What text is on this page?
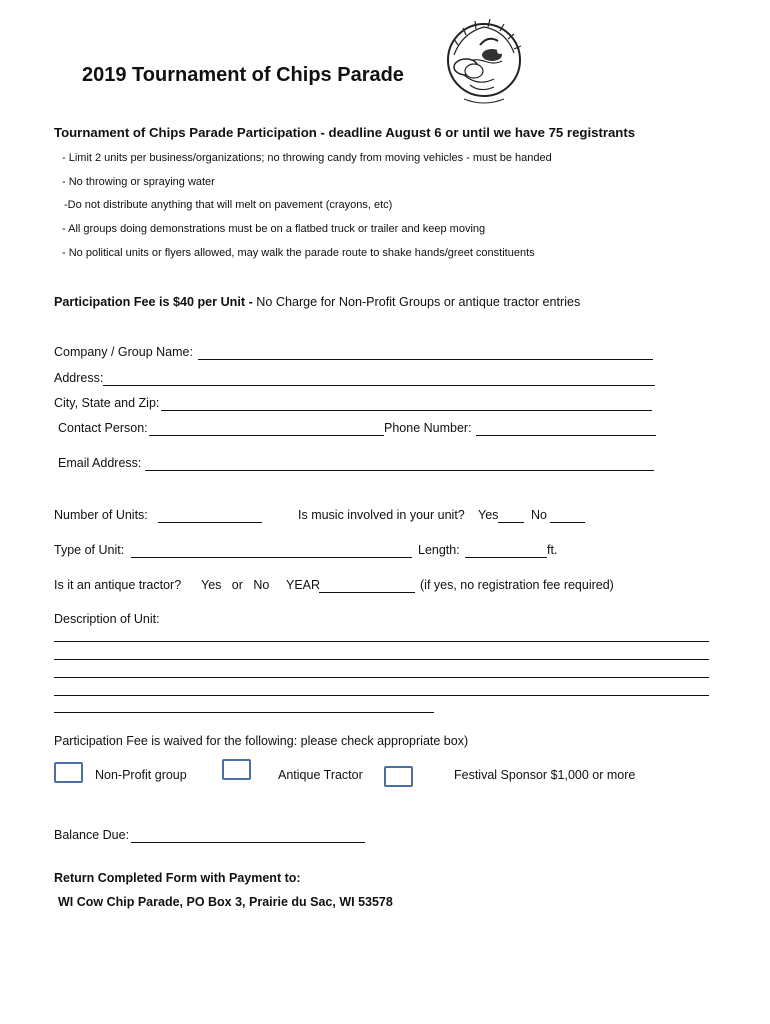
2019 Tournament of Chips Parade
Tournament of Chips Parade Participation - deadline August 6 or until we have 75 registrants
- Limit 2 units per business/organizations; no throwing candy from moving vehicles - must be handed
- No throwing or spraying water
-Do not distribute anything that will melt on pavement (crayons, etc)
- All groups doing demonstrations must be on a flatbed truck or trailer and keep moving
- No political units or flyers allowed, may walk the parade route to shake hands/greet constituents
Participation Fee is $40 per Unit - No Charge for Non-Profit Groups or antique tractor entries
Company / Group Name:
Address:
City, State and Zip:
Contact Person:	Phone Number:
Email Address:
Number of Units:	Is music involved in your unit? Yes	No
Type of Unit:	Length:	ft.
Is it an antique tractor? Yes   or   No YEAR	(if yes, no registration fee required)
Description of Unit:
Participation Fee is waived for the following: please check appropriate box)
Non-Profit group	Antique Tractor	Festival Sponsor $1,000 or more
Balance Due:
Return Completed Form with Payment to:
WI Cow Chip Parade, PO Box 3, Prairie du Sac, WI 53578
